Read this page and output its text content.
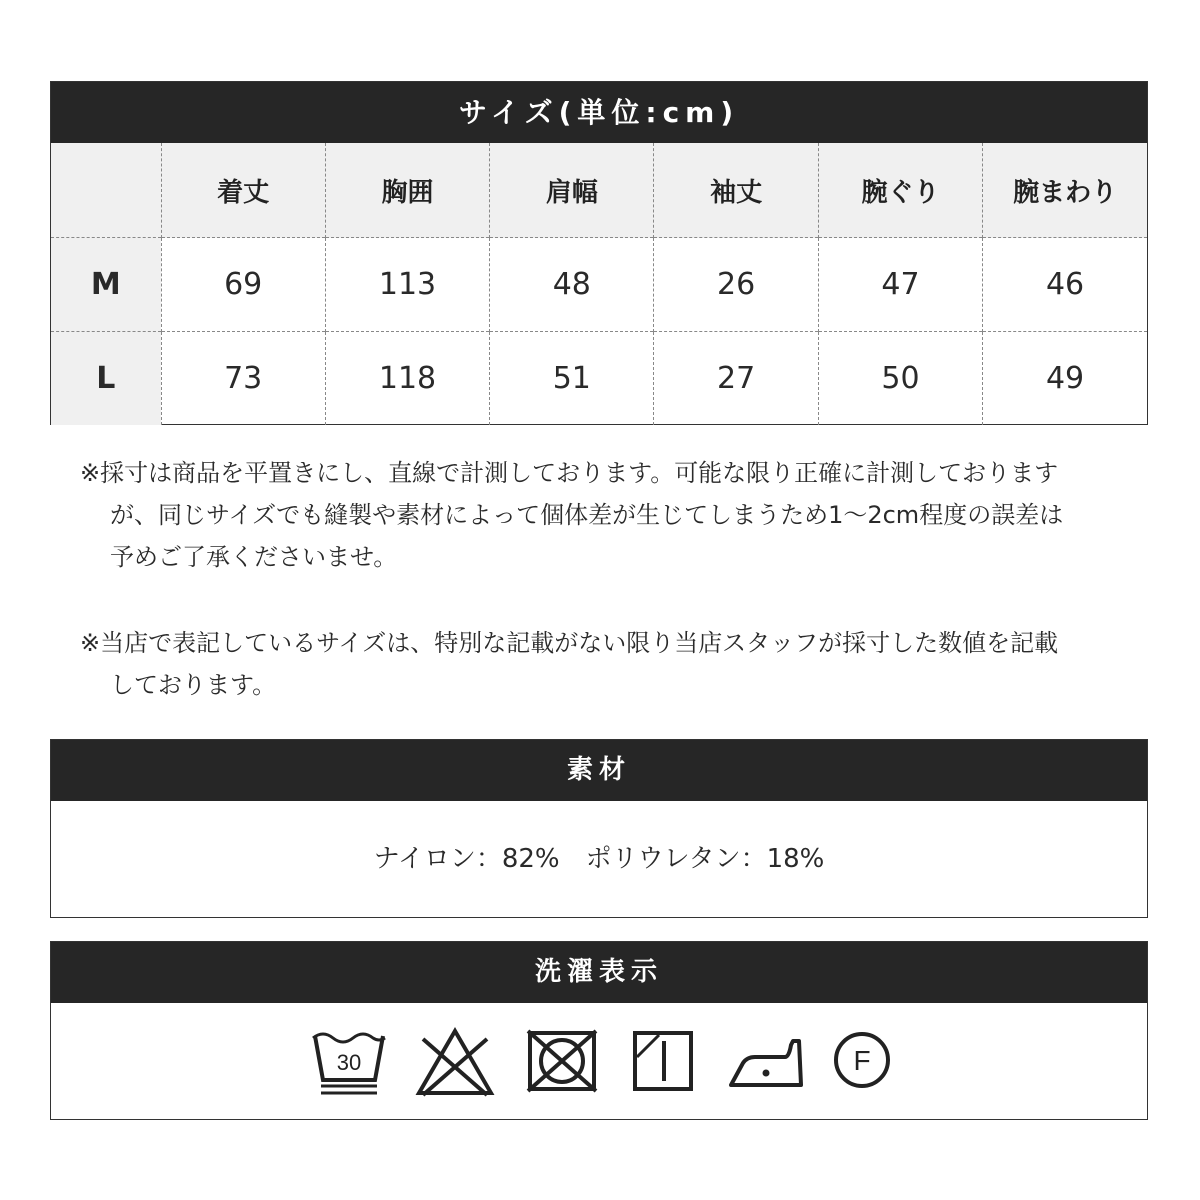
サイズ(単位:cm)
	着丈	胸囲	肩幅	袖丈	腕ぐり	腕まわり
M	69	113	48	26	47	46
L	73	118	51	27	50	49

※採寸は商品を平置きにし、直線で計測しております。可能な限り正確に計測しておりますが、同じサイズでも縫製や素材によって個体差が生じてしまうため1〜2cm程度の誤差は予めご了承くださいませ。

※当店で表記しているサイズは、特別な記載がない限り当店スタッフが採寸した数値を記載しております。

素材
ナイロン：82%　ポリウレタン：18%
洗濯表示
30	F
